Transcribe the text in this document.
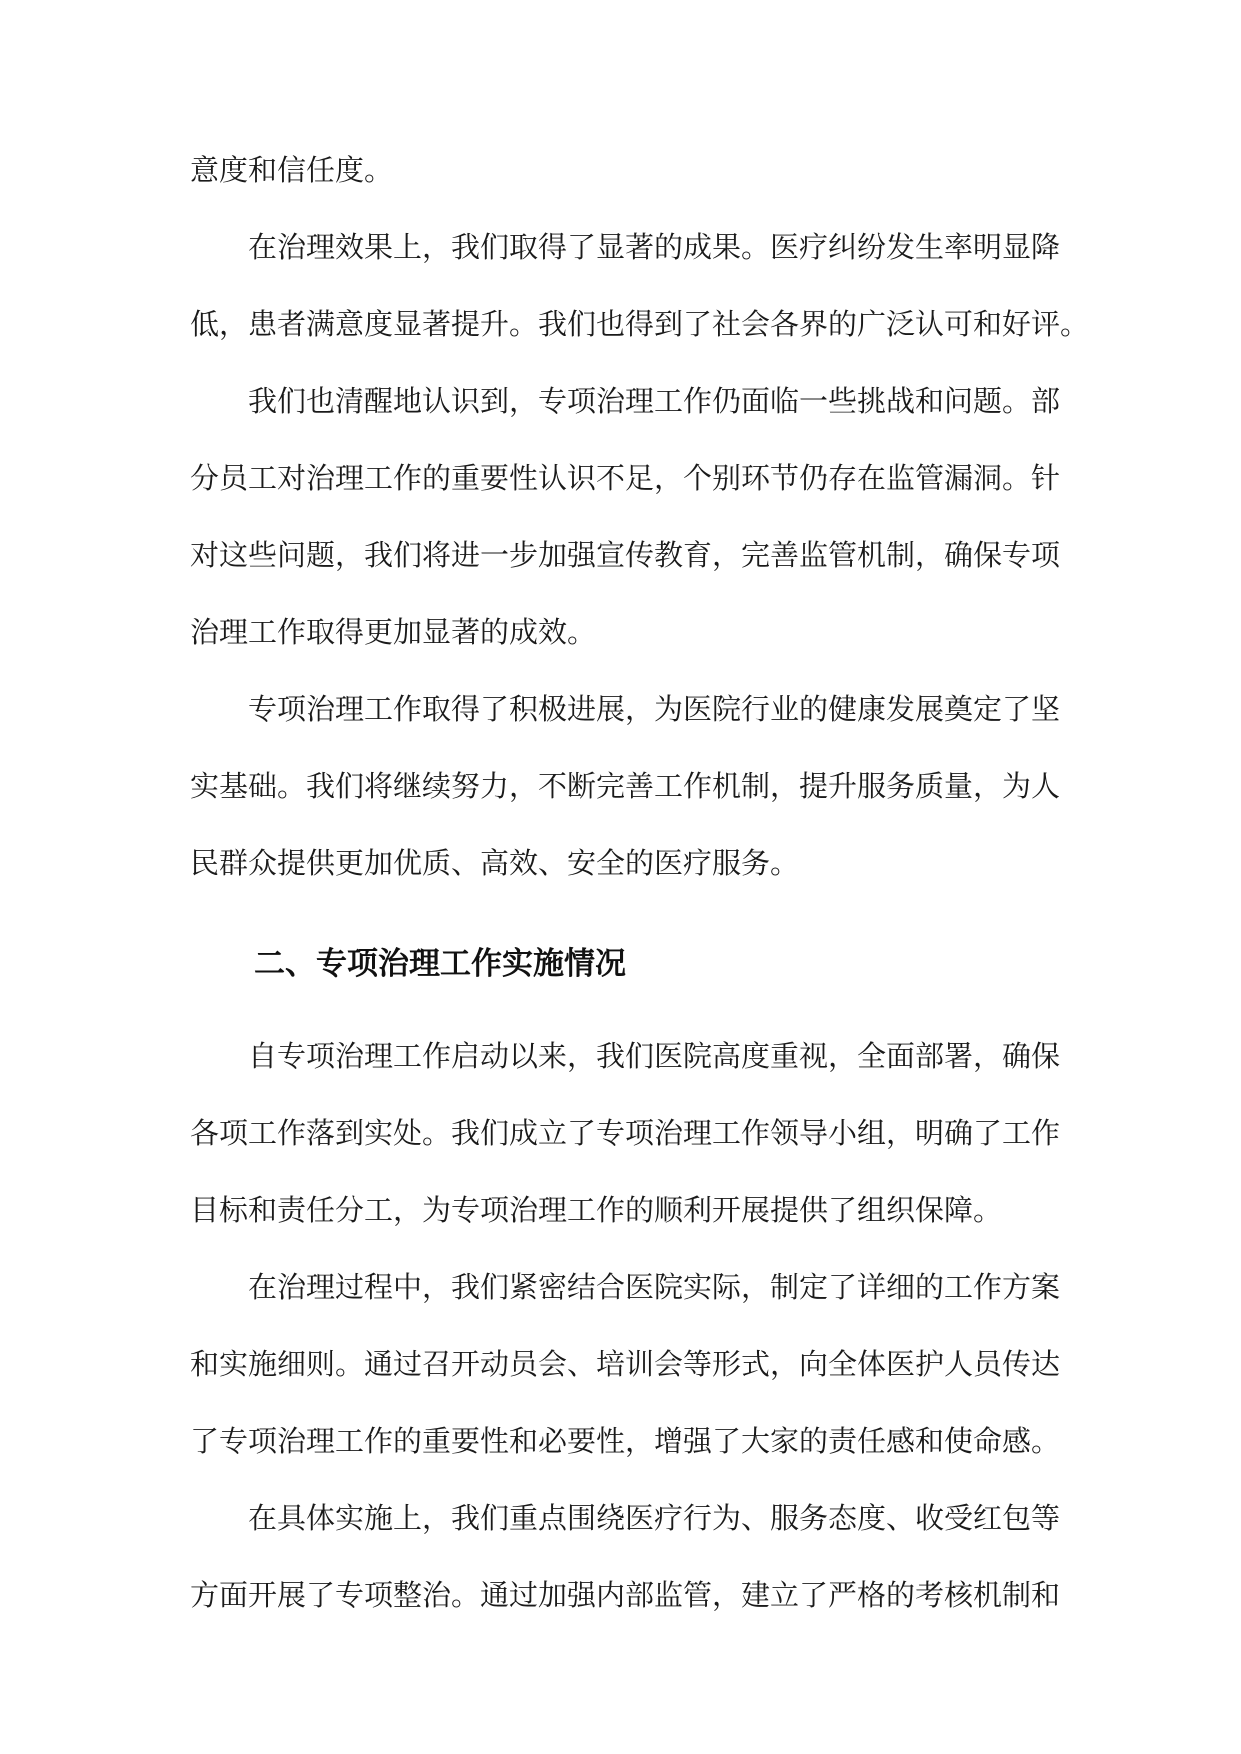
意度和信任度。
在治理效果上，我们取得了显著的成果。医疗纠纷发生率明显降
低，患者满意度显著提升。我们也得到了社会各界的广泛认可和好评。
我们也清醒地认识到，专项治理工作仍面临一些挑战和问题。部
分员工对治理工作的重要性认识不足，个别环节仍存在监管漏洞。针
对这些问题，我们将进一步加强宣传教育，完善监管机制，确保专项
治理工作取得更加显著的成效。
专项治理工作取得了积极进展，为医院行业的健康发展奠定了坚
实基础。我们将继续努力，不断完善工作机制，提升服务质量，为人
民群众提供更加优质、高效、安全的医疗服务。
二、专项治理工作实施情况
自专项治理工作启动以来，我们医院高度重视，全面部署，确保
各项工作落到实处。我们成立了专项治理工作领导小组，明确了工作
目标和责任分工，为专项治理工作的顺利开展提供了组织保障。
在治理过程中，我们紧密结合医院实际，制定了详细的工作方案
和实施细则。通过召开动员会、培训会等形式，向全体医护人员传达
了专项治理工作的重要性和必要性，增强了大家的责任感和使命感。
在具体实施上，我们重点围绕医疗行为、服务态度、收受红包等
方面开展了专项整治。通过加强内部监管，建立了严格的考核机制和
